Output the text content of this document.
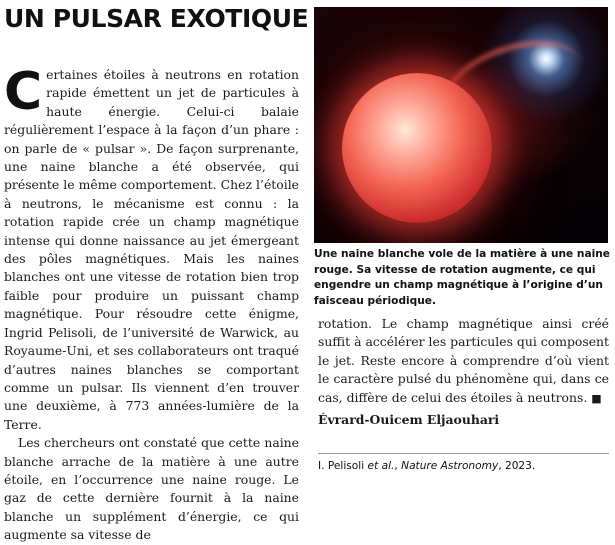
UN PULSAR EXOTIQUE

Certaines étoiles à neutrons en rotation rapide émettent un jet de particules à haute énergie. Celui-ci balaie régulièrement l’espace à la façon d’un phare : on parle de « pulsar ». De façon surprenante, une naine blanche a été observée, qui présente le même comportement. Chez l’étoile à neutrons, le mécanisme est connu : la rotation rapide crée un champ magnétique intense qui donne naissance au jet émergeant des pôles magnétiques. Mais les naines blanches ont une vitesse de rotation bien trop faible pour produire un puissant champ magnétique. Pour résoudre cette énigme, Ingrid Pelisoli, de l’université de Warwick, au Royaume-Uni, et ses collaborateurs ont traqué d’autres naines blanches se comportant comme un pulsar. Ils viennent d’en trouver une deuxième, à 773 années-lumière de la Terre.

Les chercheurs ont constaté que cette naine blanche arrache de la matière à une autre étoile, en l’occurrence une naine rouge. Le gaz de cette dernière fournit à la naine blanche un supplément d’énergie, ce qui augmente sa vitesse de

Une naine blanche vole de la matière à une naine rouge. Sa vitesse de rotation augmente, ce qui engendre un champ magnétique à l’origine d’un faisceau périodique.

rotation. Le champ magnétique ainsi créé suffit à accélérer les particules qui composent le jet. Reste encore à comprendre d’où vient le caractère pulsé du phénomène qui, dans ce cas, diffère de celui des étoiles à neutrons. ■

Évrard-Ouicem Eljaouhari
I. Pelisoli et al., Nature Astronomy, 2023.
